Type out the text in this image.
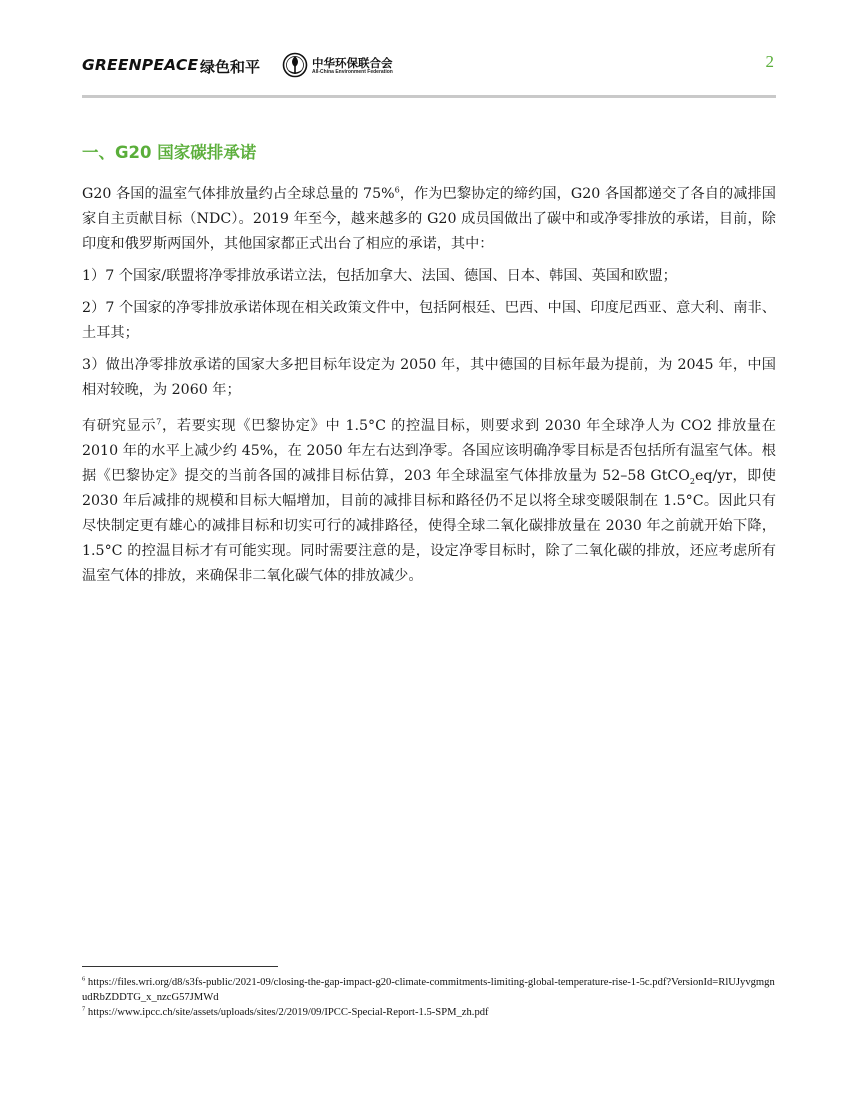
GREENPEACE 绿色和平	中华环保联合会
All-China Environment Federation
2
一、G20 国家碳排承诺

G20 各国的温室气体排放量约占全球总量的 75%$^6$，作为巴黎协定的缔约国，G20 各国都递交了各自的减排国家自主贡献目标（NDC）。2019 年至今，越来越多的 G20 成员国做出了碳中和或净零排放的承诺，目前，除印度和俄罗斯两国外，其他国家都正式出台了相应的承诺，其中：

1）7 个国家/联盟将净零排放承诺立法，包括加拿大、法国、德国、日本、韩国、英国和欧盟；

2）7 个国家的净零排放承诺体现在相关政策文件中，包括阿根廷、巴西、中国、印度尼西亚、意大利、南非、土耳其；

3）做出净零排放承诺的国家大多把目标年设定为 2050 年，其中德国的目标年最为提前，为 2045 年，中国相对较晚，为 2060 年；

有研究显示$^7$，若要实现《巴黎协定》中 1.5°C 的控温目标，则要求到 2030 年全球净人为 CO2 排放量在 2010 年的水平上减少约 45%，在 2050 年左右达到净零。各国应该明确净零目标是否包括所有温室气体。根据《巴黎协定》提交的当前各国的减排目标估算，203 年全球温室气体排放量为 52–58 GtCO$_2$eq/yr，即使 2030 年后减排的规模和目标大幅增加，目前的减排目标和路径仍不足以将全球变暖限制在 1.5°C。因此只有尽快制定更有雄心的减排目标和切实可行的减排路径，使得全球二氧化碳排放量在 2030 年之前就开始下降，1.5°C 的控温目标才有可能实现。同时需要注意的是，设定净零目标时，除了二氧化碳的排放，还应考虑所有温室气体的排放，来确保非二氧化碳气体的排放减少。

$^6$ https://files.wri.org/d8/s3fs-public/2021-09/closing-the-gap-impact-g20-climate-commitments-limiting-global-temperature-rise-1-5c.pdf?VersionId=RlUJyvgmgnudRbZDDTG_x_nzcG57JMWd
$^7$ https://www.ipcc.ch/site/assets/uploads/sites/2/2019/09/IPCC-Special-Report-1.5-SPM_zh.pdf
